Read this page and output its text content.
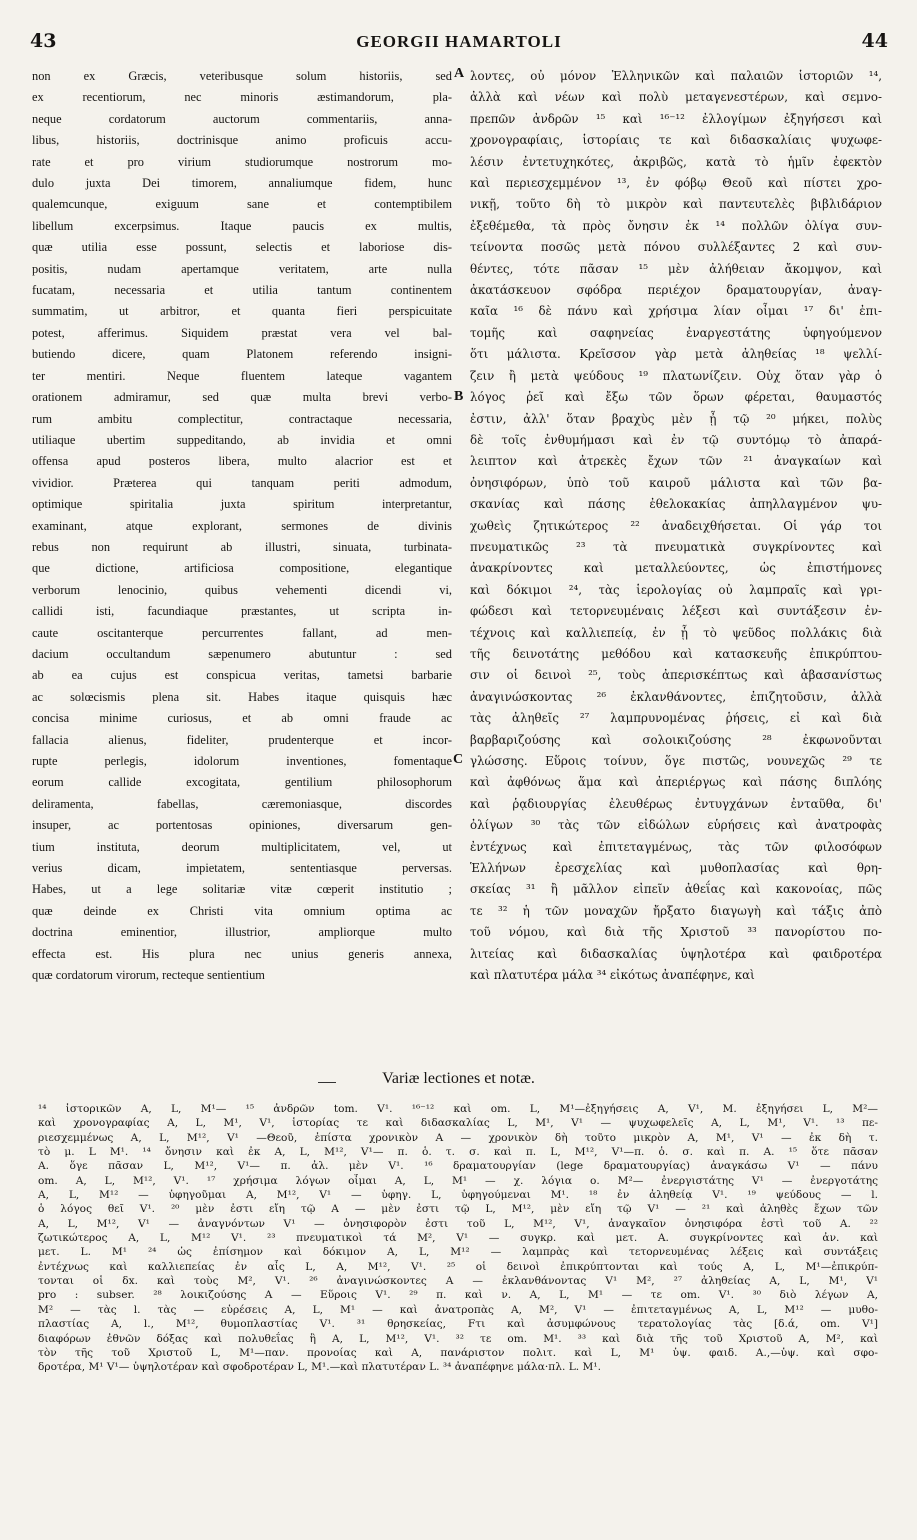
43	GEORGII HAMARTOLI	44
non ex Græcis, veteribusque solum historiis, sed
ex recentiorum, nec minoris æstimandorum, pla-
neque cordatorum auctorum commentariis, anna-
libus, historiis, doctrinisque animo proficuis accu-
rate et pro virium studiorumque nostrorum mo-
dulo juxta Dei timorem, annaliumque fidem, hunc
qualemcunque, exiguum sane et contemptibilem
libellum excerpsimus. Itaque paucis ex multis,
quæ utilia esse possunt, selectis et laboriose dis-
positis, nudam apertamque veritatem, arte nulla
fucatam, necessaria et utilia tantum continentem
summatim, ut arbitror, et quanta fieri perspicuitate
potest, afferimus. Siquidem præstat vera vel bal-
butiendo dicere, quam Platonem referendo insigni-
ter mentiri. Neque fluentem lateque vagantem
orationem admiramur, sed quæ multa brevi verbo-
rum ambitu complectitur, contractaque necessaria,
utiliaque ubertim suppeditando, ab invidia et omni
offensa apud posteros libera, multo alacrior est et
vividior. Præterea qui tanquam periti admodum,
optimique spiritalia juxta spiritum interpretantur,
examinant, atque explorant, sermones de divinis
rebus non requirunt ab illustri, sinuata, turbinata-
que dictione, artificiosa compositione, elegantique
verborum lenocinio, quibus vehementi dicendi vi,
callidi isti, facundiaque præstantes, ut scripta in-
caute oscitanterque percurrentes fallant, ad men-
dacium occultandum sæpenumero abutuntur : sed
ab ea cujus est conspicua veritas, tametsi barbarie
ac solœcismis plena sit. Habes itaque quisquis hæc
concisa minime curiosus, et ab omni fraude ac
fallacia alienus, fideliter, prudenterque et incor-
rupte perlegis, idolorum inventiones, fomentaque
eorum callide excogitata, gentilium philosophorum
deliramenta, fabellas, cæremoniasque, discordes
insuper, ac portentosas opiniones, diversarum gen-
tium instituta, deorum multiplicitatem, vel, ut
verius dicam, impietatem, sententiasque perversas.
Habes, ut a lege solitariæ vitæ cœperit institutio ;
quæ deinde ex Christi vita omnium optima ac
doctrina eminentior, illustrior, ampliorque multo
effecta est. His plura nec unius generis annexa,
quæ cordatorum virorum, recteque sentientium
λοντες, οὐ μόνον Ἑλληνικῶν καὶ παλαιῶν ἱστοριῶν ¹⁴,
ἀλλὰ καὶ νέων καὶ πολὺ μεταγενεστέρων, καὶ σεμνο-
πρεπῶν ἀνδρῶν ¹⁵ καὶ ¹⁶⁻¹² ἐλλογίμων ἐξηγήσεσι καὶ
χρονογραφίαις, ἱστορίαις τε καὶ διδασκαλίαις ψυχωφε-
λέσιν ἐντετυχηκότες, ἀκριβῶς, κατὰ τὸ ἡμῖν ἐφεκτὸν
καὶ περιεσχεμμένον ¹³, ἐν φόβῳ Θεοῦ καὶ πίστει χρο-
νικῇ, τοῦτο δὴ τὸ μικρὸν καὶ παντευτελὲς βιβλιδάριον
ἐξεθέμεθα, τὰ πρὸς ὄνησιν ἐκ ¹⁴ πολλῶν ὀλίγα συν-
τείνοντα ποσῶς μετὰ πόνου συλλέξαντες 2 καὶ συν-
θέντες, τότε πᾶσαν ¹⁵ μὲν ἀλήθειαν ἄκομψον, καὶ
ἀκατάσκευον σφόδρα περιέχον δραματουργίαν, ἀναγ-
καῖα ¹⁶ δὲ πάνυ καὶ χρήσιμα λίαν οἶμαι ¹⁷ δι' ἐπι-
τομῆς καὶ σαφηνείας ἐναργεστάτης ὑφηγούμενον
ὅτι μάλιστα. Κρεῖσσον γὰρ μετὰ ἀληθείας ¹⁸ ψελλί-
ζειν ἢ μετὰ ψεύδους ¹⁹ πλατωνίζειν. Οὐχ ὅταν γὰρ ὁ
λόγος ῥεῖ καὶ ἔξω τῶν ὅρων φέρεται, θαυμαστός
ἐστιν, ἀλλ' ὅταν βραχὺς μὲν ᾖ τῷ ²⁰ μήκει, πολὺς
δὲ τοῖς ἐνθυμήμασι καὶ ἐν τῷ συντόμῳ τὸ ἀπαρά-
λειπτον καὶ ἀτρεκὲς ἔχων τῶν ²¹ ἀναγκαίων καὶ
ὀνησιφόρων, ὑπὸ τοῦ καιροῦ μάλιστα καὶ τῶν βα-
σκανίας καὶ πάσης ἐθελοκακίας ἀπηλλαγμένον ψυ-
χωθεὶς ζητικώτερος ²² ἀναδειχθήσεται. Οἱ γάρ τοι
πνευματικῶς ²³ τὰ πνευματικὰ συγκρίνοντες καὶ
ἀνακρίνοντες καὶ μεταλλεύοντες, ὡς ἐπιστήμονες
καὶ δόκιμοι ²⁴, τὰς ἱερολογίας οὐ λαμπραῖς καὶ γρι-
φώδεσι καὶ τετορνευμέναις λέξεσι καὶ συντάξεσιν ἐν-
τέχνοις καὶ καλλιεπείᾳ, ἐν ᾗ τὸ ψεῦδος πολλάκις διὰ
τῆς δεινοτάτης μεθόδου καὶ κατασκευῆς ἐπικρύπτου-
σιν οἱ δεινοὶ ²⁵, τοὺς ἀπερισκέπτως καὶ ἀβασανίστως
ἀναγινώσκοντας ²⁶ ἐκλανθάνοντες, ἐπιζητοῦσιν, ἀλλὰ
τὰς ἀληθεῖς ²⁷ λαμπρυνομένας ῥήσεις, εἰ καὶ διὰ
βαρβαριζούσης καὶ σολοικιζούσης ²⁸ ἐκφωνοῦνται
γλώσσης. Εὕροις τοίνυν, ὅγε πιστῶς, νουνεχῶς ²⁹ τε
καὶ ἀφθόνως ἅμα καὶ ἀπεριέργως καὶ πάσης διπλόης
καὶ ῥᾳδιουργίας ἐλευθέρως ἐντυγχάνων ἐνταῦθα, δι'
ὀλίγων ³⁰ τὰς τῶν εἰδώλων εὑρήσεις καὶ ἀνατροφὰς
ἐντέχνως καὶ ἐπιτεταγμένως, τὰς τῶν φιλοσόφων
Ἑλλήνων ἐρεσχελίας καὶ μυθοπλασίας καὶ θρη-
σκείας ³¹ ἢ μᾶλλον εἰπεῖν ἀθεΐας καὶ κακονοίας, πῶς
τε ³² ἡ τῶν μοναχῶν ἤρξατο διαγωγὴ καὶ τάξις ἀπὸ
τοῦ νόμου, καὶ διὰ τῆς Χριστοῦ ³³ πανορίστου πο-
λιτείας καὶ διδασκαλίας ὑψηλοτέρα καὶ φαιδροτέρα
καὶ πλατυτέρα μάλα ³⁴ εἰκότως ἀναπέφηνε, καὶ
A
B
C
Variæ lectiones et notæ.
¹⁴ ἱστορικῶν A, L, M¹— ¹⁵ ἀνδρῶν tom. V¹. ¹⁶⁻¹² καὶ om. L, M¹—ἐξηγήσεις A, V¹, M. ἐξηγήσει L, M²—
καὶ χρονογραφίας A, L, M¹, V¹, ἱστορίας τε καὶ διδασκαλίας L, M¹, V¹ — ψυχωφελεῖς A, L, M¹, V¹. ¹³ πε-
ριεσχεμμένως A, L, M¹², V¹ —Θεοῦ, ἐπίστα χρονικὸν A — χρονικὸν δὴ τοῦτο μικρὸν A, M¹, V¹ — ἐκ δὴ τ.
τὸ μ. L M¹. ¹⁴ ὄνησιν καὶ ἐκ A, L, M¹², V¹— π. ὁ. τ. σ. καὶ π. L, M¹², V¹—π. ὁ. σ. καὶ π. A. ¹⁵ ὅτε πᾶσαν
A. ὅγε πᾶσαν L, M¹², V¹— π. ἀλ. μὲν V¹. ¹⁶ δραματουργίαν (lege δραματουργίας) ἀναγκάσω V¹ — πάνυ
om. A, L, M¹², V¹. ¹⁷ χρήσιμα λόγων οἶμαι A, L, M¹ — χ. λόγια ο. M²— ἐνεργιστάτης V¹ — ἐνεργοτάτης
A, L, M¹² — ὑφηγοῦμαι A, M¹², V¹ — ὑφηγ. L, ὑφηγούμεναι M¹. ¹⁸ ἐν ἀληθείᾳ V¹. ¹⁹ ψεύδους — l.
ὁ λόγος θεῖ V¹. ²⁰ μὲν ἐστι εἴη τῷ A — μὲν ἐστι τῷ L, M¹², μὲν εἴη τῷ V¹ — ²¹ καὶ ἀληθὲς ἔχων τῶν
A, L, M¹², V¹ — ἀναγνόντων V¹ — ὀνησιφορὸν ἐστι τοῦ L, M¹², V¹, ἀναγκαῖον ὀνησιφόρα ἐστὶ τοῦ A. ²²
ζωτικώτερος A, L, M¹² V¹. ²³ πνευματικοὶ τά M², V¹ — συγκρ. καὶ μετ. A. συγκρίνοντες καὶ ἀν. καὶ
μετ. L. M¹ ²⁴ ὡς ἐπίσημον καὶ δόκιμον A, L, M¹² — λαμπρὰς καὶ τετορνευμένας λέξεις καὶ συντάξεις
ἐντέχνως καὶ καλλιεπείας ἐν αἷς L, A, M¹², V¹. ²⁵ οἱ δεινοὶ ἐπικρύπτονται καὶ τούς A, L, M¹—ἐπικρύπ-
τονται οἱ δx. καὶ τοὺς M², V¹. ²⁶ ἀναγινώσκοντες A — ἐκλανθάνοντας V¹ M², ²⁷ ἀληθείας A, L, M¹, V¹
pro : subser. ²⁸ λοικιζούσης A — Εὕροις V¹. ²⁹ π. καὶ ν. A, L, M¹ — τε om. V¹. ³⁰ διὸ λέγων A,
M² — τὰς l. τὰς — εὑρέσεις A, L, M¹ — καὶ ἀνατροπὰς A, M², V¹ — ἐπιτεταγμένως A, L, M¹² — μυθο-
πλαστίας A, l., M¹², θυμοπλαστίας V¹. ³¹ θρησκείας, Fτι καὶ ἀσυμφώνους τερατολογίας τὰς [δ.ά, om. V¹]
διαφόρων ἐθνῶν δόξας καὶ πολυθεΐας ἢ A, L, M¹², V¹. ³² τε om. M¹. ³³ καὶ διὰ τῆς τοῦ Χριστοῦ A, M², καὶ
τὸν τῆς τοῦ Χριστοῦ L, M¹—παν. προνοίας καὶ A, πανάριστον πολιτ. καὶ L, M¹ ὑψ. φαιδ. A.,—ὑψ. καὶ σφο-
δροτέρα, M¹ V¹— ὑψηλοτέραν καὶ σφοδροτέραν L, M¹.—καὶ πλατυτέραν L. ³⁴ ἀναπέφηνε μάλα·πλ. L. M¹.
